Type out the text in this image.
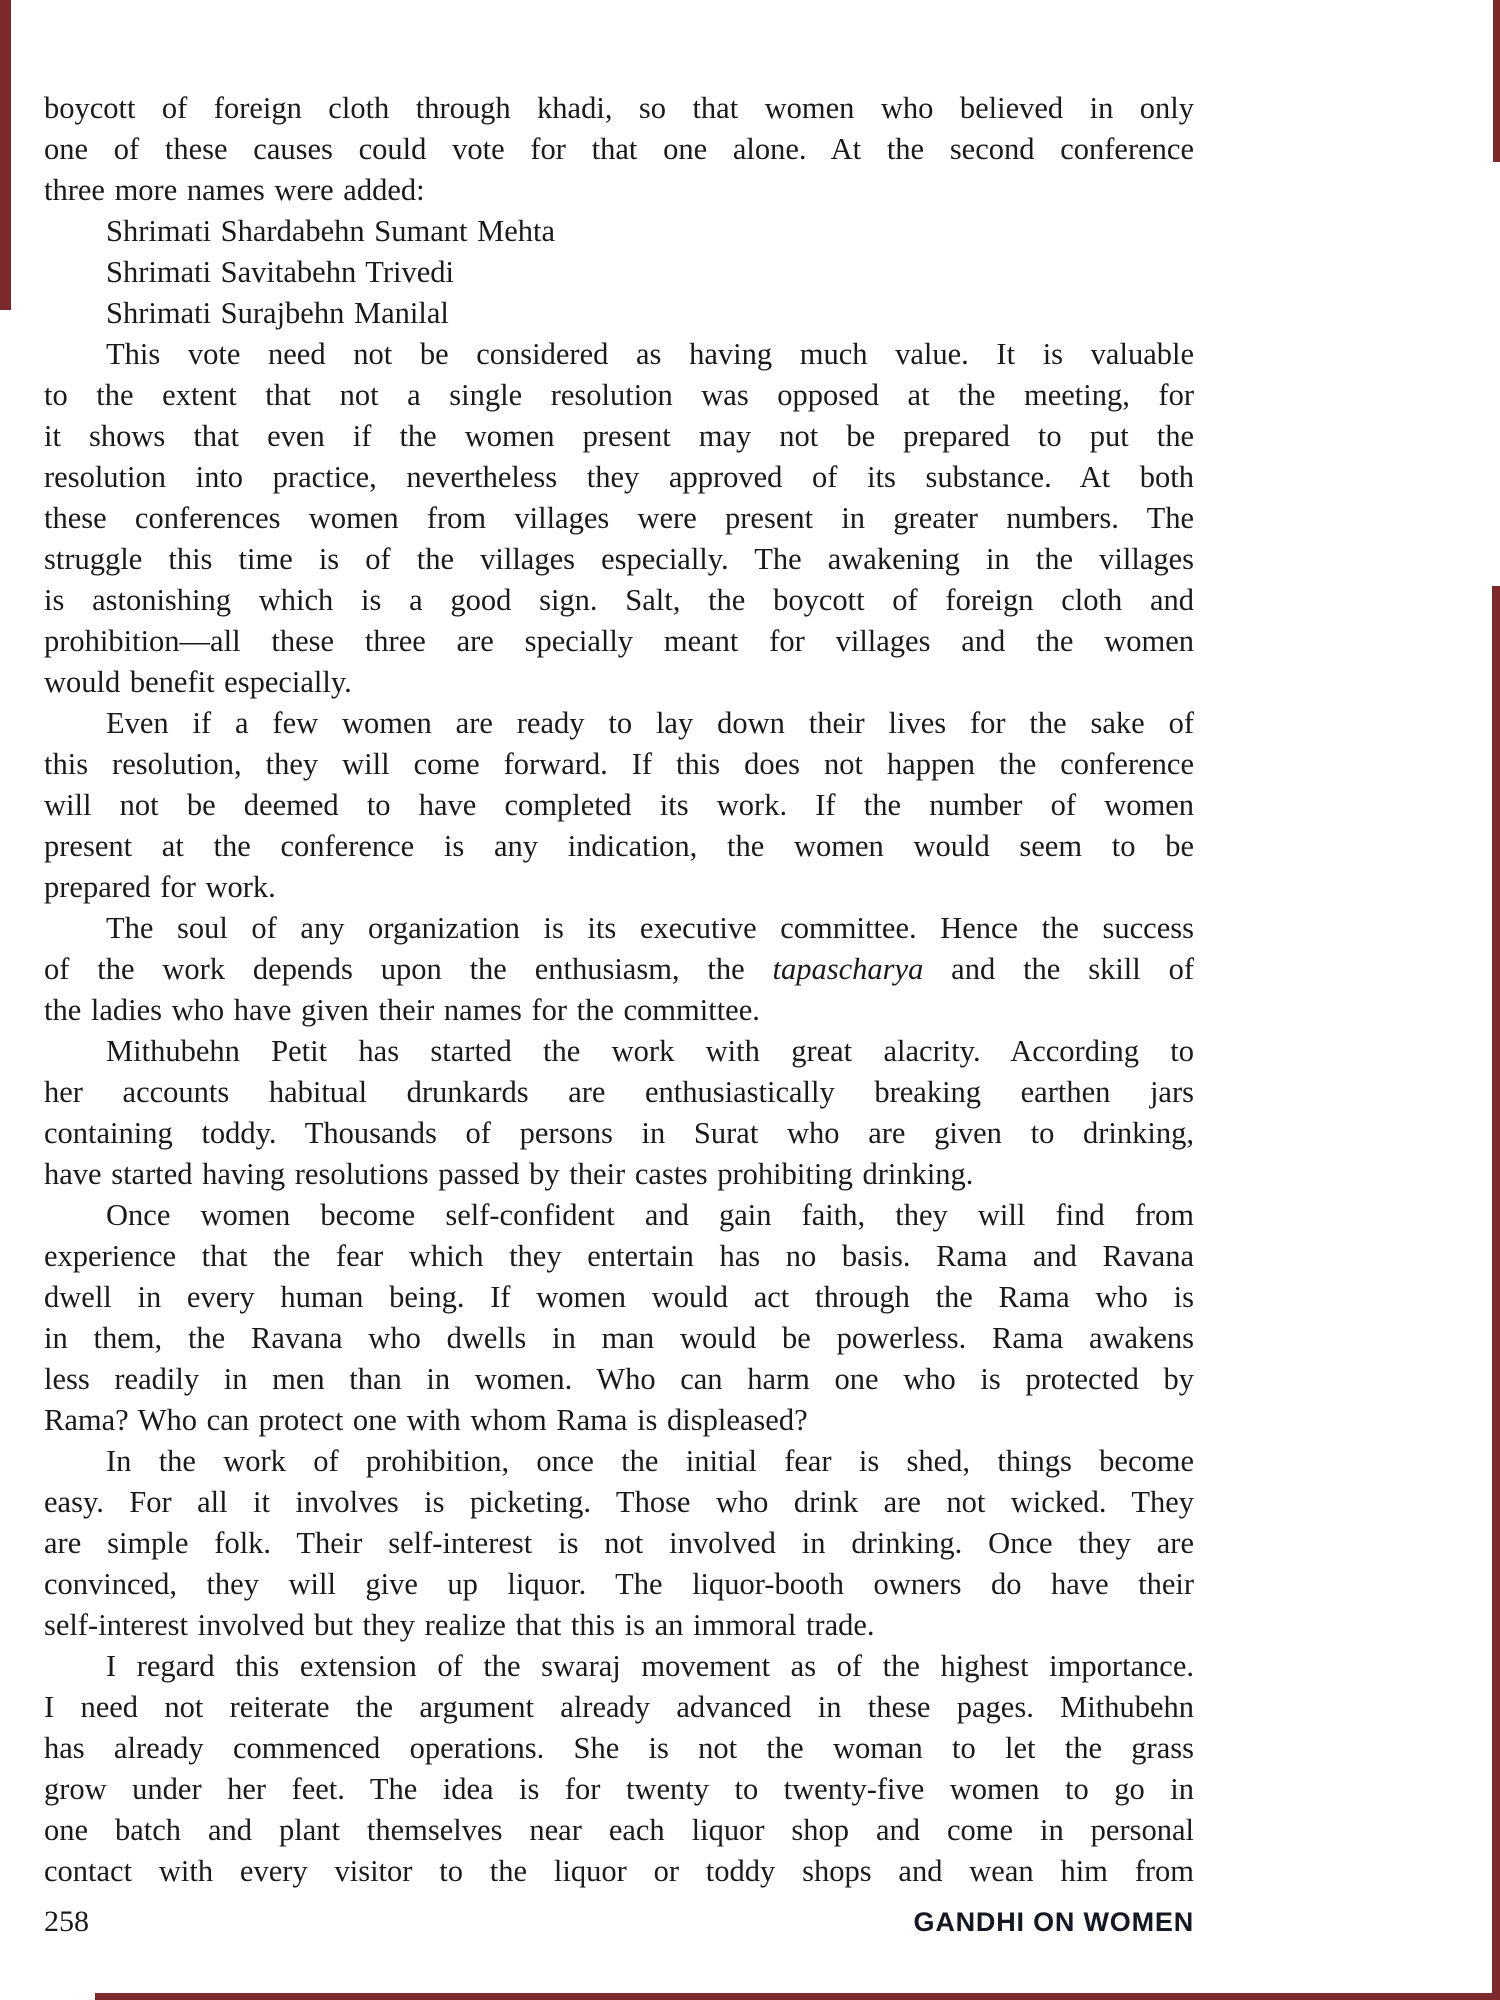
boycott of foreign cloth through khadi, so that women who believed in only
one of these causes could vote for that one alone. At the second conference
three more names were added:
Shrimati Shardabehn Sumant Mehta
Shrimati Savitabehn Trivedi
Shrimati Surajbehn Manilal
This vote need not be considered as having much value. It is valuable
to the extent that not a single resolution was opposed at the meeting, for
it shows that even if the women present may not be prepared to put the
resolution into practice, nevertheless they approved of its substance. At both
these conferences women from villages were present in greater numbers. The
struggle this time is of the villages especially. The awakening in the villages
is astonishing which is a good sign. Salt, the boycott of foreign cloth and
prohibition—all these three are specially meant for villages and the women
would benefit especially.
Even if a few women are ready to lay down their lives for the sake of
this resolution, they will come forward. If this does not happen the conference
will not be deemed to have completed its work. If the number of women
present at the conference is any indication, the women would seem to be
prepared for work.
The soul of any organization is its executive committee. Hence the success
of the work depends upon the enthusiasm, the tapascharya and the skill of
the ladies who have given their names for the committee.
Mithubehn Petit has started the work with great alacrity. According to
her accounts habitual drunkards are enthusiastically breaking earthen jars
containing toddy. Thousands of persons in Surat who are given to drinking,
have started having resolutions passed by their castes prohibiting drinking.
Once women become self-confident and gain faith, they will find from
experience that the fear which they entertain has no basis. Rama and Ravana
dwell in every human being. If women would act through the Rama who is
in them, the Ravana who dwells in man would be powerless. Rama awakens
less readily in men than in women. Who can harm one who is protected by
Rama? Who can protect one with whom Rama is displeased?
In the work of prohibition, once the initial fear is shed, things become
easy. For all it involves is picketing. Those who drink are not wicked. They
are simple folk. Their self-interest is not involved in drinking. Once they are
convinced, they will give up liquor. The liquor-booth owners do have their
self-interest involved but they realize that this is an immoral trade.
I regard this extension of the swaraj movement as of the highest importance.
I need not reiterate the argument already advanced in these pages. Mithubehn
has already commenced operations. She is not the woman to let the grass
grow under her feet. The idea is for twenty to twenty-five women to go in
one batch and plant themselves near each liquor shop and come in personal
contact with every visitor to the liquor or toddy shops and wean him from
258	GANDHI ON WOMEN
